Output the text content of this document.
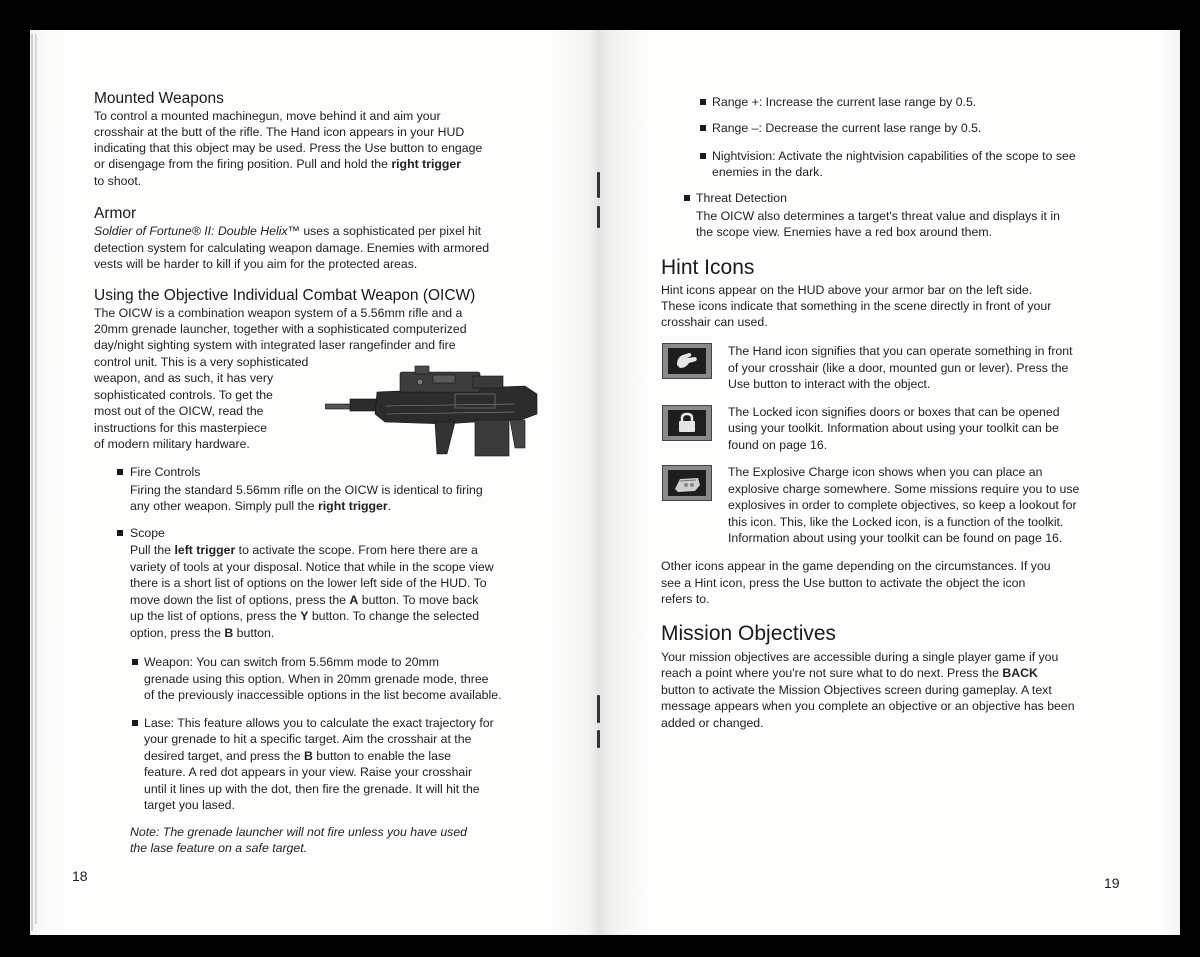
Mounted Weapons
To control a mounted machinegun, move behind it and aim your
crosshair at the butt of the rifle. The Hand icon appears in your HUD
indicating that this object may be used. Press the Use button to engage
or disengage from the firing position. Pull and hold the right trigger
to shoot.
Armor
Soldier of Fortune® II: Double Helix™ uses a sophisticated per pixel hit
detection system for calculating weapon damage. Enemies with armored
vests will be harder to kill if you aim for the protected areas.
Using the Objective Individual Combat Weapon (OICW)
The OICW is a combination weapon system of a 5.56mm rifle and a
20mm grenade launcher, together with a sophisticated computerized
day/night sighting system with integrated laser rangefinder and fire
control unit. This is a very sophisticated
weapon, and as such, it has very
sophisticated controls. To get the
most out of the OICW, read the
instructions for this masterpiece
of modern military hardware.
Fire Controls
Firing the standard 5.56mm rifle on the OICW is identical to firing
any other weapon. Simply pull the right trigger.
Scope
Pull the left trigger to activate the scope. From here there are a
variety of tools at your disposal. Notice that while in the scope view
there is a short list of options on the lower left side of the HUD. To
move down the list of options, press the A button. To move back
up the list of options, press the Y button. To change the selected
option, press the B button.
Weapon: You can switch from 5.56mm mode to 20mm
grenade using this option. When in 20mm grenade mode, three
of the previously inaccessible options in the list become available.
Lase: This feature allows you to calculate the exact trajectory for
your grenade to hit a specific target. Aim the crosshair at the
desired target, and press the B button to enable the lase
feature. A red dot appears in your view. Raise your crosshair
until it lines up with the dot, then fire the grenade. It will hit the
target you lased.
Note: The grenade launcher will not fire unless you have used
the lase feature on a safe target.
18
Range +: Increase the current lase range by 0.5.
Range –: Decrease the current lase range by 0.5.
Nightvision: Activate the nightvision capabilities of the scope to see
enemies in the dark.
Threat Detection
The OICW also determines a target's threat value and displays it in
the scope view. Enemies have a red box around them.
Hint Icons
Hint icons appear on the HUD above your armor bar on the left side.
These icons indicate that something in the scene directly in front of your
crosshair can used.
The Hand icon signifies that you can operate something in front
of your crosshair (like a door, mounted gun or lever). Press the
Use button to interact with the object.
The Locked icon signifies doors or boxes that can be opened
using your toolkit. Information about using your toolkit can be
found on page 16.
The Explosive Charge icon shows when you can place an
explosive charge somewhere. Some missions require you to use
explosives in order to complete objectives, so keep a lookout for
this icon. This, like the Locked icon, is a function of the toolkit.
Information about using your toolkit can be found on page 16.
Other icons appear in the game depending on the circumstances. If you
see a Hint icon, press the Use button to activate the object the icon
refers to.
Mission Objectives
Your mission objectives are accessible during a single player game if you
reach a point where you're not sure what to do next. Press the BACK
button to activate the Mission Objectives screen during gameplay. A text
message appears when you complete an objective or an objective has been
added or changed.
19
